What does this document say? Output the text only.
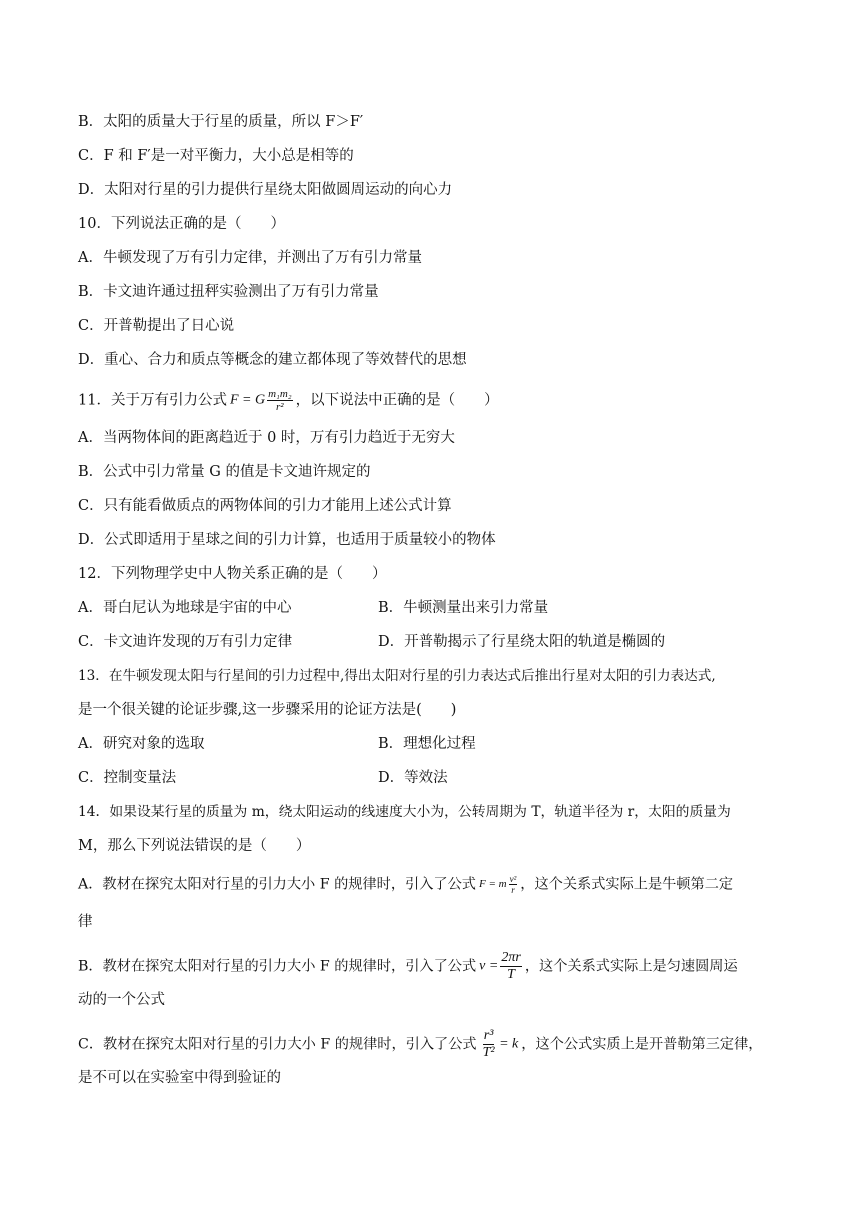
B．太阳的质量大于行星的质量，所以 F＞F′
C．F 和 F′是一对平衡力，大小总是相等的
D．太阳对行星的引力提供行星绕太阳做圆周运动的向心力
10．下列说法正确的是（　　）
A．牛顿发现了万有引力定律，并测出了万有引力常量
B．卡文迪许通过扭秤实验测出了万有引力常量
C．开普勒提出了日心说
D．重心、合力和质点等概念的建立都体现了等效替代的思想
11．关于万有引力公式 F = G $\frac{\text{m₁m₂}}{\text{r²}}$ ，以下说法中正确的是（　　）
A．当两物体间的距离趋近于 0 时，万有引力趋近于无穷大
B．公式中引力常量 G 的值是卡文迪许规定的
C．只有能看做质点的两物体间的引力才能用上述公式计算
D．公式即适用于星球之间的引力计算，也适用于质量较小的物体
12．下列物理学史中人物关系正确的是（　　）
A．哥白尼认为地球是宇宙的中心	B．牛顿测量出来引力常量
C．卡文迪许发现的万有引力定律	D．开普勒揭示了行星绕太阳的轨道是椭圆的
13．在牛顿发现太阳与行星间的引力过程中,得出太阳对行星的引力表达式后推出行星对太阳的引力表达式,
是一个很关键的论证步骤,这一步骤采用的论证方法是(　　)
A．研究对象的选取	B．理想化过程
C．控制变量法	D．等效法
14．如果设某行星的质量为 m，绕太阳运动的线速度大小为，公转周期为 T，轨道半径为 r，太阳的质量为
M，那么下列说法错误的是（　　）
A．教材在探究太阳对行星的引力大小 F 的规律时，引入了公式 F = m $\frac{\text{v²}}{r}$ ，这个关系式实际上是牛顿第二定
律
B．教材在探究太阳对行星的引力大小 F 的规律时，引入了公式 $v = \frac{2\pi r}{T}$ ，这个关系式实际上是匀速圆周运
动的一个公式
C．教材在探究太阳对行星的引力大小 F 的规律时，引入了公式 $\frac{\text{r³}}{\text{T²}} = k$ ，这个公式实质上是开普勒第三定律，
是不可以在实验室中得到验证的
